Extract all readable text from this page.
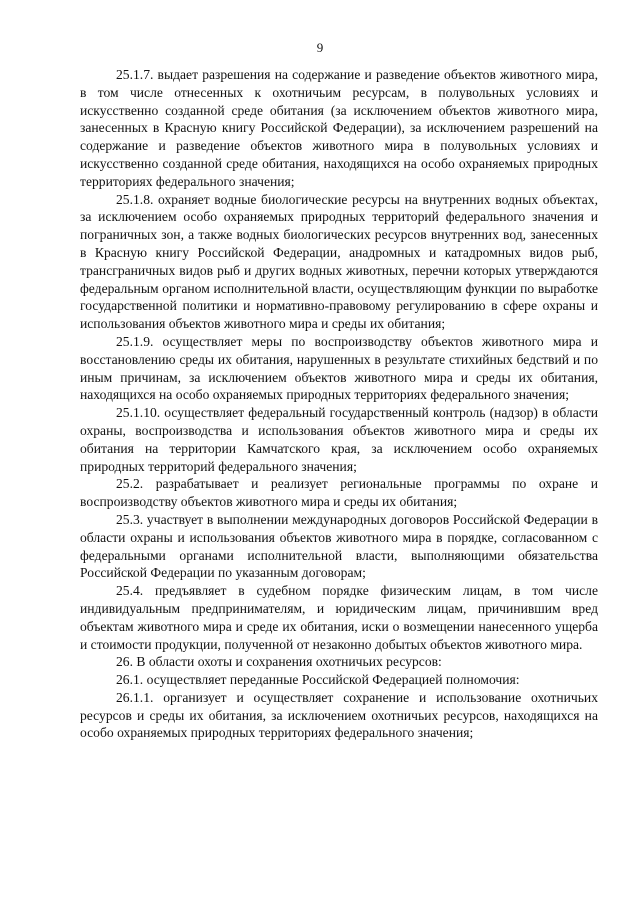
9

25.1.7. выдает разрешения на содержание и разведение объектов животного мира, в том числе отнесенных к охотничьим ресурсам, в полувольных условиях и искусственно созданной среде обитания (за исключением объектов животного мира, занесенных в Красную книгу Российской Федерации), за исключением разрешений на содержание и разведение объектов животного мира в полувольных условиях и искусственно созданной среде обитания, находящихся на особо охраняемых природных территориях федерального значения;

25.1.8. охраняет водные биологические ресурсы на внутренних водных объектах, за исключением особо охраняемых природных территорий федерального значения и пограничных зон, а также водных биологических ресурсов внутренних вод, занесенных в Красную книгу Российской Федерации, анадромных и катадромных видов рыб, трансграничных видов рыб и других водных животных, перечни которых утверждаются федеральным органом исполнительной власти, осуществляющим функции по выработке государственной политики и нормативно-правовому регулированию в сфере охраны и использования объектов животного мира и среды их обитания;

25.1.9. осуществляет меры по воспроизводству объектов животного мира и восстановлению среды их обитания, нарушенных в результате стихийных бедствий и по иным причинам, за исключением объектов животного мира и среды их обитания, находящихся на особо охраняемых природных территориях федерального значения;

25.1.10. осуществляет федеральный государственный контроль (надзор) в области охраны, воспроизводства и использования объектов животного мира и среды их обитания на территории Камчатского края, за исключением особо охраняемых природных территорий федерального значения;

25.2. разрабатывает и реализует региональные программы по охране и воспроизводству объектов животного мира и среды их обитания;

25.3. участвует в выполнении международных договоров Российской Федерации в области охраны и использования объектов животного мира в порядке, согласованном с федеральными органами исполнительной власти, выполняющими обязательства Российской Федерации по указанным договорам;

25.4. предъявляет в судебном порядке физическим лицам, в том числе индивидуальным предпринимателям, и юридическим лицам, причинившим вред объектам животного мира и среде их обитания, иски о возмещении нанесенного ущерба и стоимости продукции, полученной от незаконно добытых объектов животного мира.

26. В области охоты и сохранения охотничьих ресурсов:

26.1. осуществляет переданные Российской Федерацией полномочия:

26.1.1. организует и осуществляет сохранение и использование охотничьих ресурсов и среды их обитания, за исключением охотничьих ресурсов, находящихся на особо охраняемых природных территориях федерального значения;
